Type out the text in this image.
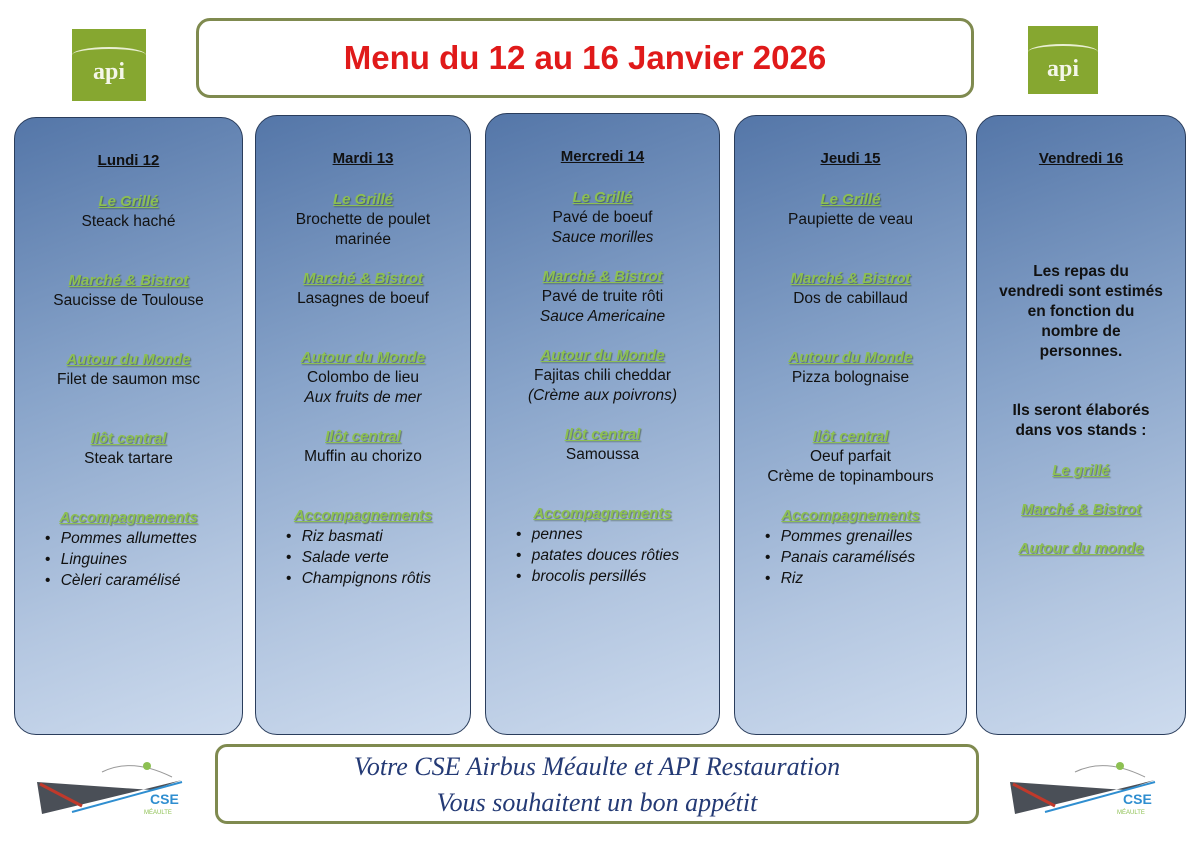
api	api
Menu du 12 au 16 Janvier 2026
Lundi 12
Le Grillé
Steack haché
Marché & Bistrot
Saucisse de Toulouse
Autour du Monde
Filet de saumon msc
Ilôt central
Steak tartare
Accompagnements
• Pommes allumettes
• Linguines
• Cèleri caramélisé
Mardi 13
Le Grillé
Brochette de poulet
marinée
Marché & Bistrot
Lasagnes de boeuf
Autour du Monde
Colombo de lieu
Aux fruits de mer
Ilôt central
Muffin au chorizo
Accompagnements
• Riz basmati
• Salade verte
• Champignons rôtis
Mercredi 14
Le Grillé
Pavé de boeuf
Sauce morilles
Marché & Bistrot
Pavé de truite rôti
Sauce Americaine
Autour du Monde
Fajitas chili cheddar
(Crème aux poivrons)
Ilôt central
Samoussa
Accompagnements
• pennes
• patates douces rôties
• brocolis persillés
Jeudi 15
Le Grillé
Paupiette de veau
Marché & Bistrot
Dos de cabillaud
Autour du Monde
Pizza bolognaise
Ilôt central
Oeuf parfait
Crème de topinambours
Accompagnements
• Pommes grenailles
• Panais caramélisés
• Riz
Vendredi 16
Les repas du
vendredi sont estimés
en fonction du
nombre de
personnes.
Ils seront élaborés
dans vos stands :
Le grillé
Marché & Bistrot
Autour du monde
Votre CSE Airbus Méaulte et API Restauration
Vous souhaitent un bon appétit
CSE
MÉAULTE
CSE
MÉAULTE
